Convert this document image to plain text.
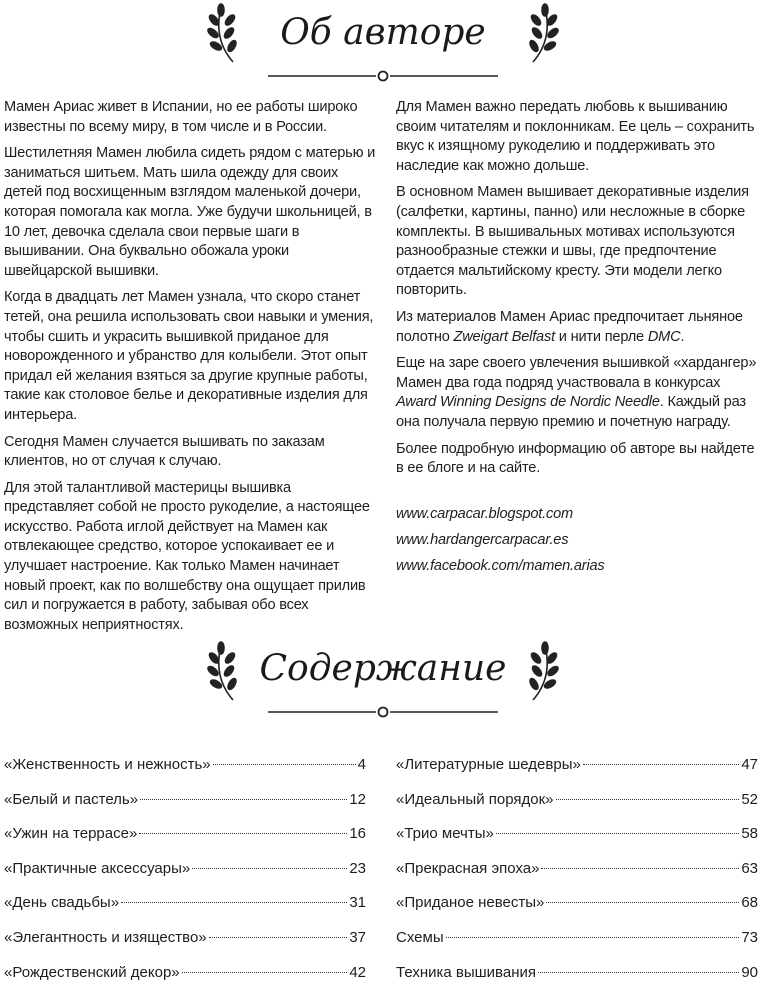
Об авторе

Мамен Ариас живет в Испании, но ее работы широко известны по всему миру, в том числе и в России.

Шестилетняя Мамен любила сидеть рядом с матерью и заниматься шитьем. Мать шила одежду для своих детей под восхищенным взглядом маленькой дочери, которая помогала как могла. Уже будучи школьницей, в 10 лет, девочка сделала свои первые шаги в вышивании. Она буквально обожала уроки швейцарской вышивки.

Когда в двадцать лет Мамен узнала, что скоро станет тетей, она решила использовать свои навыки и умения, чтобы сшить и украсить вышивкой приданое для новорожденного и убранство для колыбели. Этот опыт придал ей желания взяться за другие крупные работы, такие как столовое белье и декоративные изделия для интерьера.

Сегодня Мамен случается вышивать по заказам клиентов, но от случая к случаю.

Для этой талантливой мастерицы вышивка представляет собой не просто рукоделие, а настоящее искусство. Работа иглой действует на Мамен как отвлекающее средство, которое успокаивает ее и улучшает настроение. Как только Мамен начинает новый проект, как по волшебству она ощущает прилив сил и погружается в работу, забывая обо всех возможных неприятностях.

Для Мамен важно передать любовь к вышиванию своим читателям и поклонникам. Ее цель – сохранить вкус к изящному рукоделию и поддерживать это наследие как можно дольше.

В основном Мамен вышивает декоративные изделия (салфетки, картины, панно) или несложные в сборке комплекты. В вышивальных мотивах используются разнообразные стежки и швы, где предпочтение отдается мальтийскому кресту. Эти модели легко повторить.

Из материалов Мамен Ариас предпочитает льняное полотно Zweigart Belfast и нити перле DMC.

Еще на заре своего увлечения вышивкой «хардангер» Мамен два года подряд участвовала в конкурсах Award Winning Designs de Nordic Needle. Каждый раз она получала первую премию и почетную награду.

Более подробную информацию об авторе вы найдете в ее блоге и на сайте.

www.carpacar.blogspot.com
www.hardangercarpacar.es
www.facebook.com/mamen.arias
Содержание
«Женственность и нежность»	4
«Белый и пастель»	12
«Ужин на террасе»	16
«Практичные аксессуары»	23
«День свадьбы»	31
«Элегантность и изящество»	37
«Рождественский декор»	42
«Литературные шедевры»	47
«Идеальный порядок»	52
«Трио мечты»	58
«Прекрасная эпоха»	63
«Приданое невесты»	68
Схемы	73
Техника вышивания	90
